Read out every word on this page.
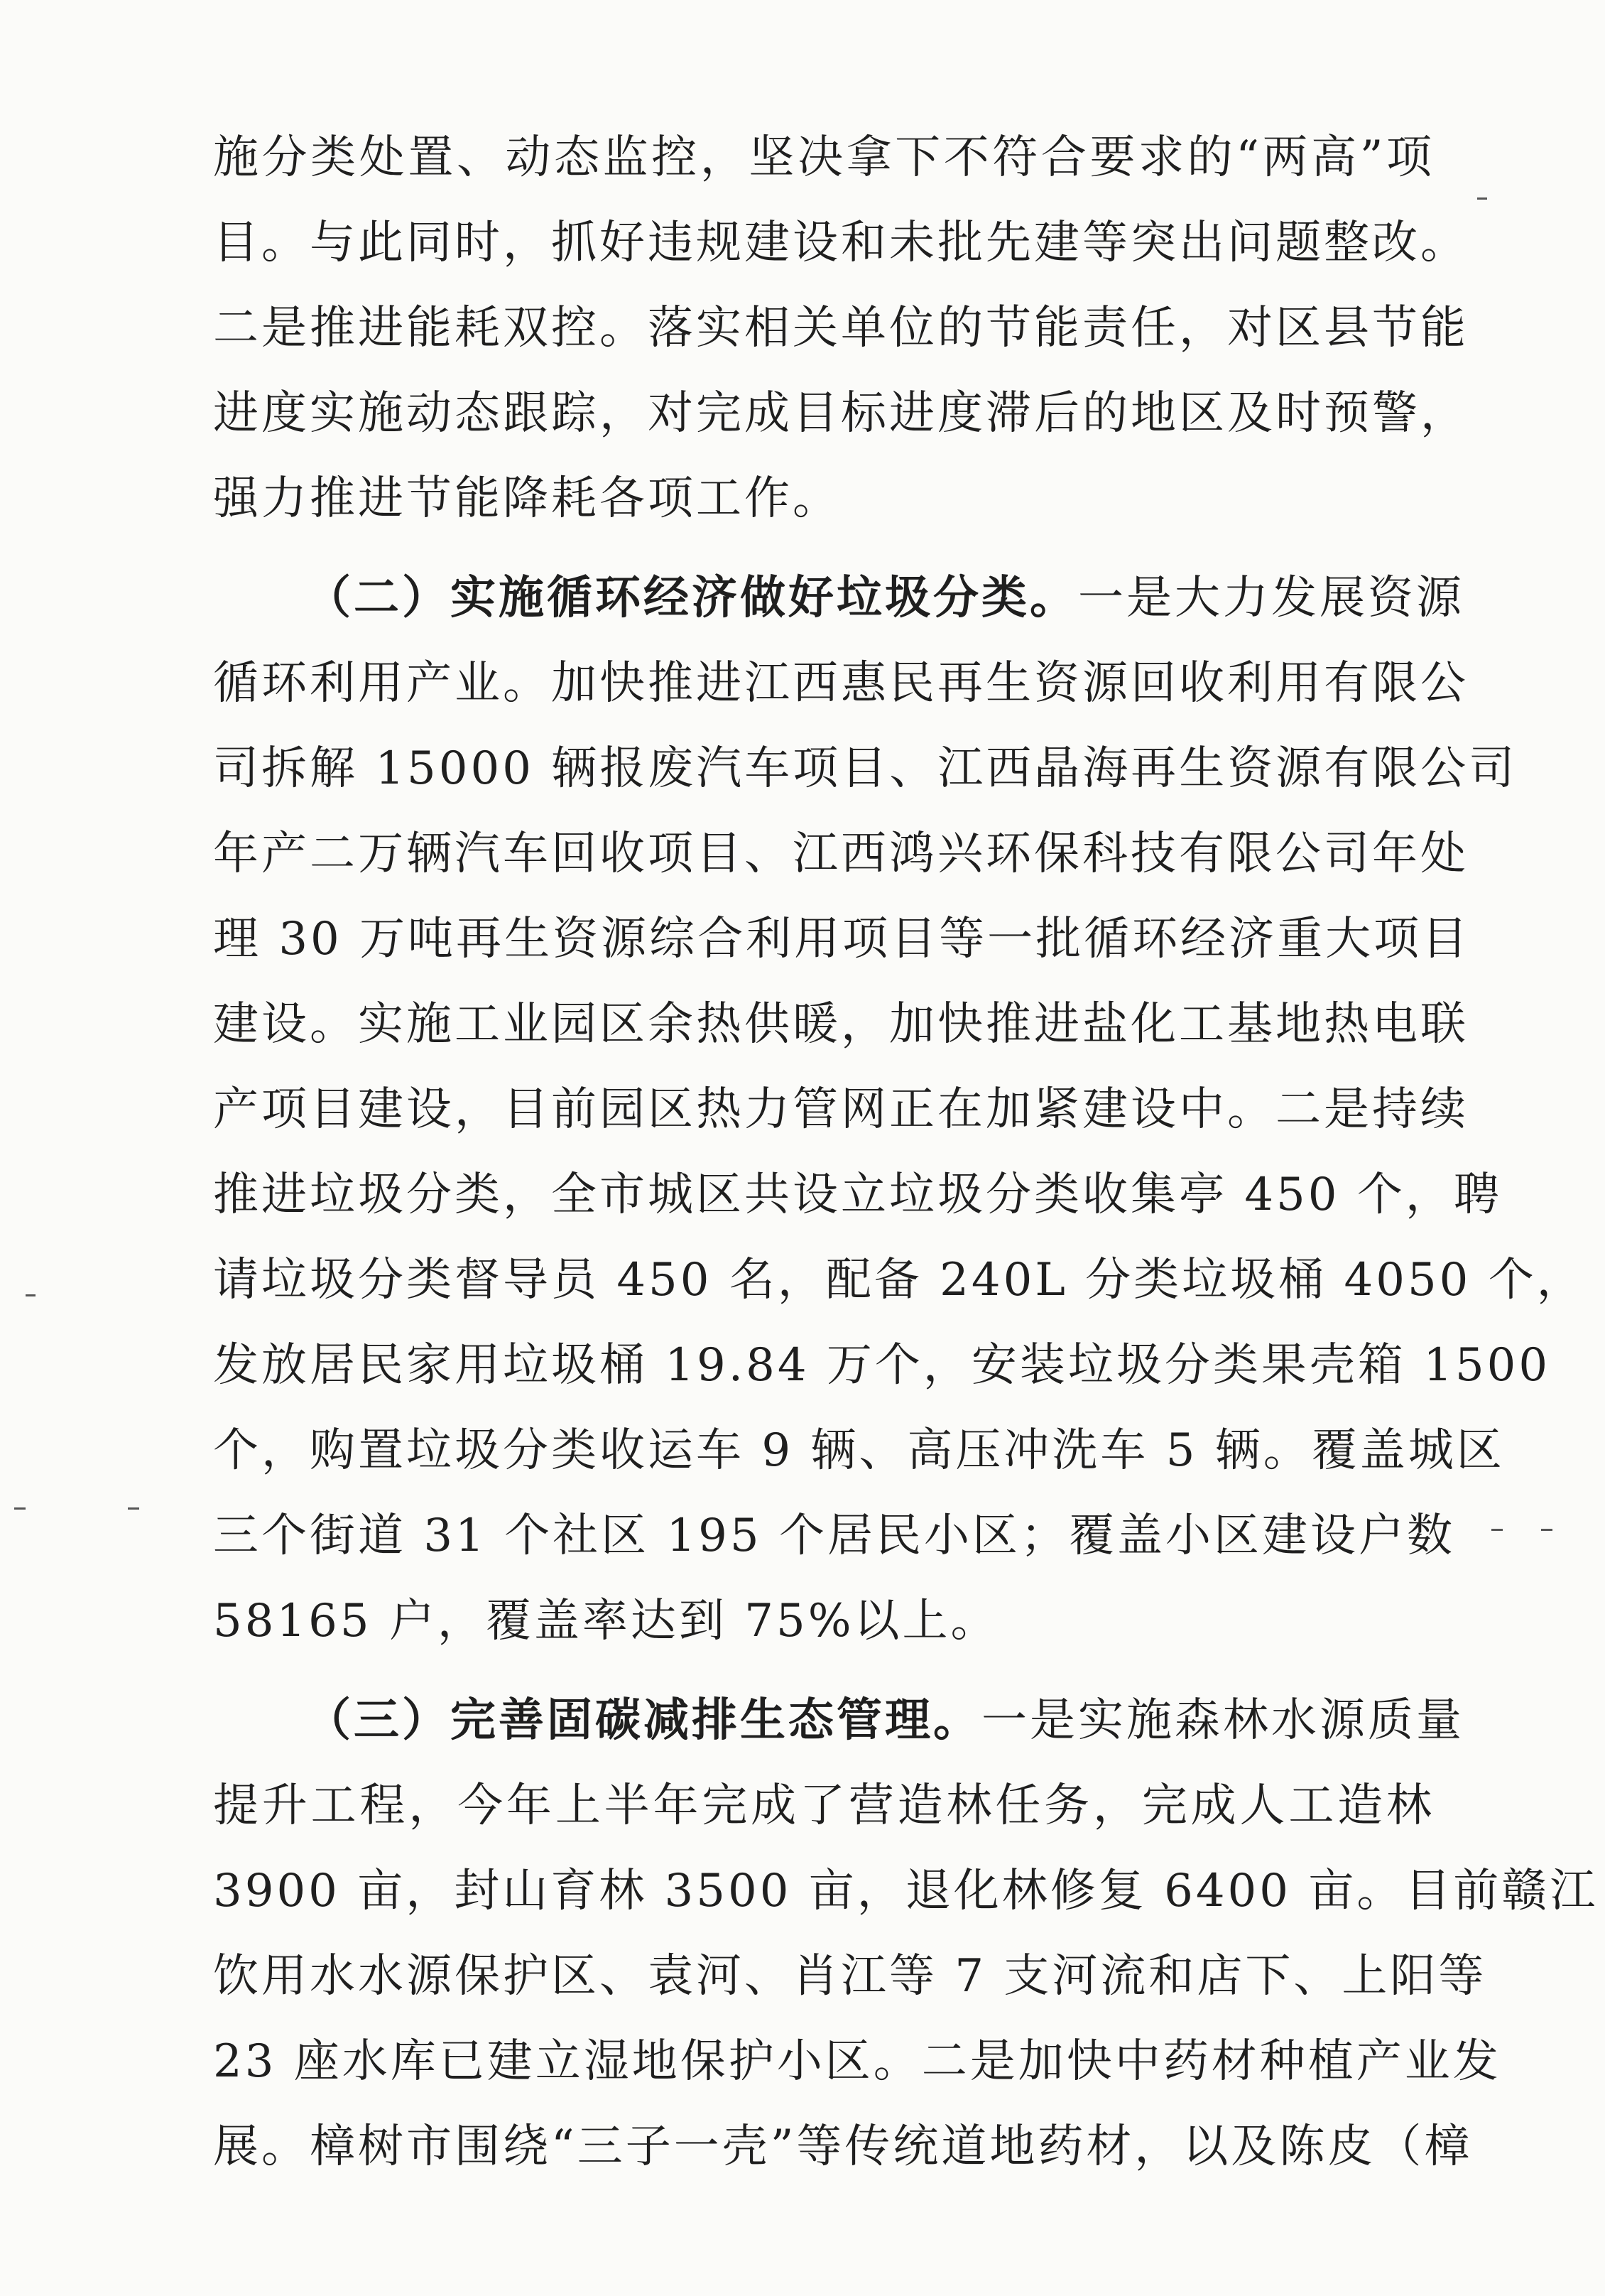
施分类处置、动态监控，坚决拿下不符合要求的“两高”项
目。与此同时，抓好违规建设和未批先建等突出问题整改。
二是推进能耗双控。落实相关单位的节能责任，对区县节能
进度实施动态跟踪，对完成目标进度滞后的地区及时预警，
强力推进节能降耗各项工作。
（二）实施循环经济做好垃圾分类。一是大力发展资源
循环利用产业。加快推进江西惠民再生资源回收利用有限公
司拆解 15000 辆报废汽车项目、江西晶海再生资源有限公司
年产二万辆汽车回收项目、江西鸿兴环保科技有限公司年处
理 30 万吨再生资源综合利用项目等一批循环经济重大项目
建设。实施工业园区余热供暖，加快推进盐化工基地热电联
产项目建设，目前园区热力管网正在加紧建设中。二是持续
推进垃圾分类，全市城区共设立垃圾分类收集亭 450 个，聘
请垃圾分类督导员 450 名，配备 240L 分类垃圾桶 4050 个，
发放居民家用垃圾桶 19.84 万个，安装垃圾分类果壳箱 1500
个，购置垃圾分类收运车 9 辆、高压冲洗车 5 辆。覆盖城区
三个街道 31 个社区 195 个居民小区；覆盖小区建设户数
58165 户，覆盖率达到 75%以上。
（三）完善固碳减排生态管理。一是实施森林水源质量
提升工程，今年上半年完成了营造林任务，完成人工造林
3900 亩，封山育林 3500 亩，退化林修复 6400 亩。目前赣江
饮用水水源保护区、袁河、肖江等 7 支河流和店下、上阳等
23 座水库已建立湿地保护小区。二是加快中药材种植产业发
展。樟树市围绕“三子一壳”等传统道地药材，以及陈皮（樟
